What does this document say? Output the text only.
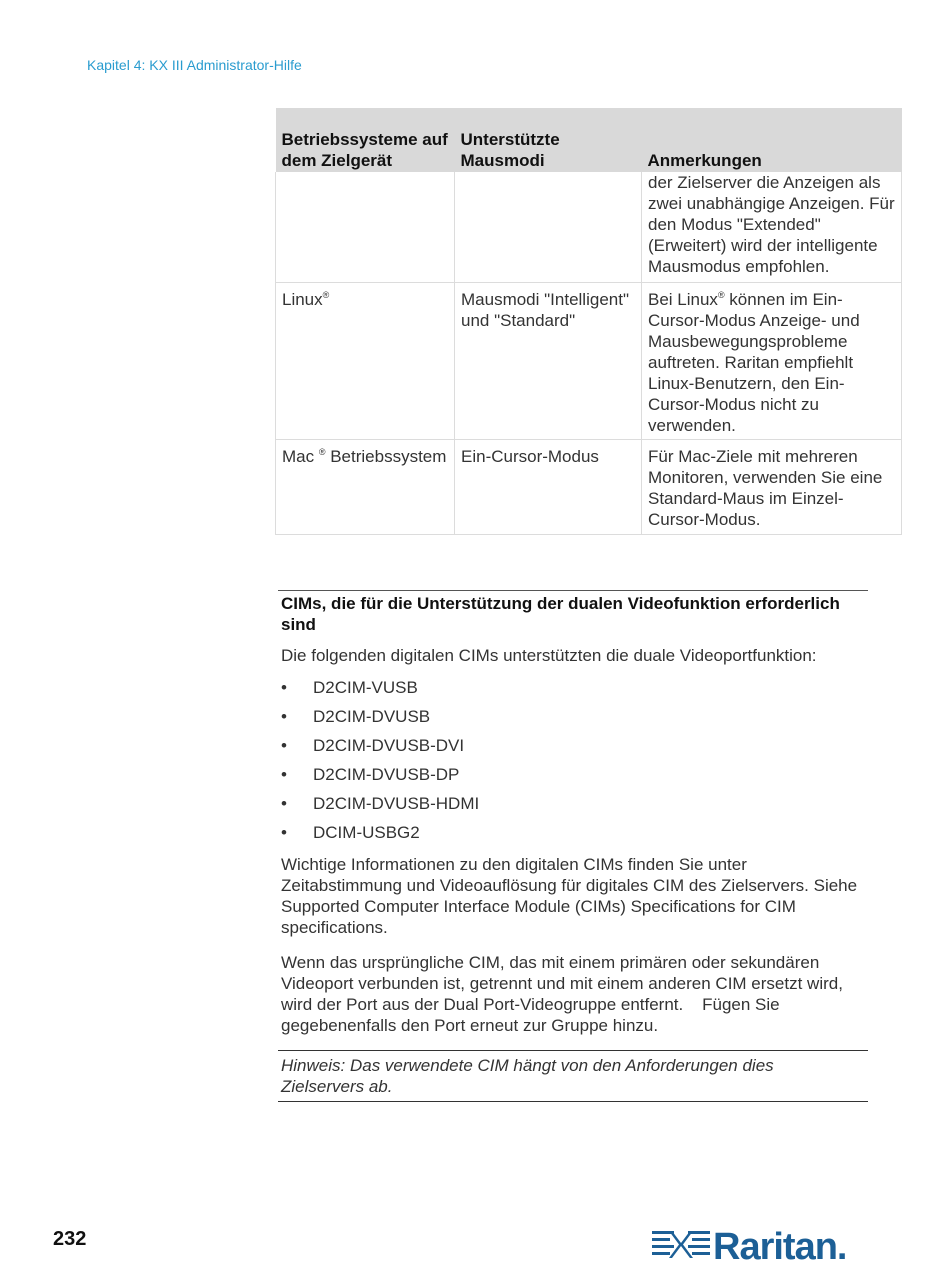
Kapitel 4: KX III Administrator-Hilfe
Betriebssysteme auf dem Zielgerät	Unterstützte Mausmodi	Anmerkungen
		der Zielserver die Anzeigen als zwei unabhängige Anzeigen. Für den Modus "Extended" (Erweitert) wird der intelligente Mausmodus empfohlen.
Linux®	Mausmodi "Intelligent" und "Standard"	Bei Linux® können im Ein-Cursor-Modus Anzeige- und Mausbewegungsprobleme auftreten. Raritan empfiehlt Linux-Benutzern, den Ein-Cursor-Modus nicht zu verwenden.
Mac ® Betriebssystem	Ein-Cursor-Modus	Für Mac-Ziele mit mehreren Monitoren, verwenden Sie eine Standard-Maus im Einzel-Cursor-Modus.
CIMs, die für die Unterstützung der dualen Videofunktion erforderlich sind
Die folgenden digitalen CIMs unterstützten die duale Videoportfunktion:
• D2CIM-VUSB
• D2CIM-DVUSB
• D2CIM-DVUSB-DVI
• D2CIM-DVUSB-DP
• D2CIM-DVUSB-HDMI
• DCIM-USBG2
Wichtige Informationen zu den digitalen CIMs finden Sie unter Zeitabstimmung und Videoauflösung für digitales CIM des Zielservers. Siehe Supported Computer Interface Module (CIMs) Specifications for CIM specifications.
Wenn das ursprüngliche CIM, das mit einem primären oder sekundären Videoport verbunden ist, getrennt und mit einem anderen CIM ersetzt wird, wird der Port aus der Dual Port-Videogruppe entfernt.    Fügen Sie gegebenenfalls den Port erneut zur Gruppe hinzu.
Hinweis: Das verwendete CIM hängt von den Anforderungen dies Zielservers ab.
232	Raritan.
